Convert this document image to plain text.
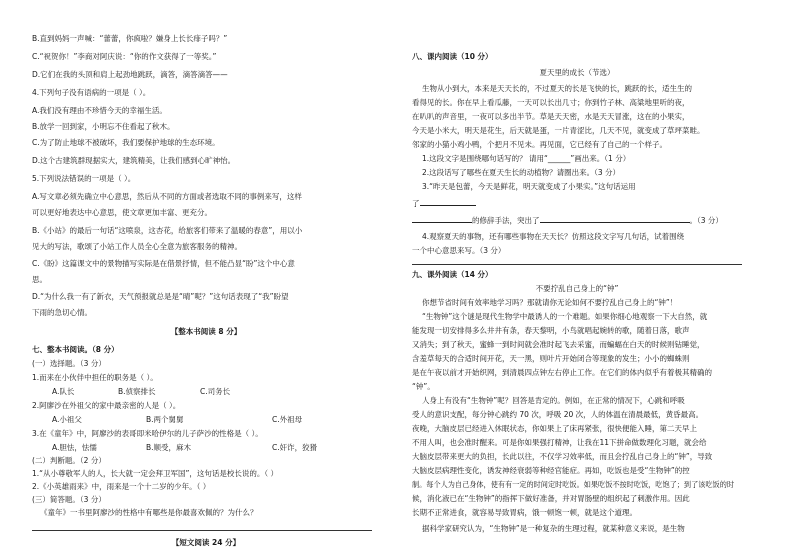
B.直到妈妈一声喊：“蕾蕾，你疯啦？嫌身上长长痱子吗？”
C.“祝贺你！”李商对阿庆说：“你的作文获得了一等奖。”
D.它们在我的头顶和肩上起劲地跳跃，滴答，滴答滴答——
4.下列句子没有语病的一项是（ ）。
A.我们没有理由不珍惜今天的幸福生活。
B.放学一回到家，小明忘不住看起了秋木。
C.为了防止地球不被破坏，我们要保护地球的生态环境。
D.这个古建筑群现据实大，建筑精美，让我们感到心旷神怡。
5.下列说法错误的一项是（ ）。
A.写文章必须先确立中心意思，然后从不同的方面或者选取不同的事例来写，这样
可以更好地表达中心意思，使文章更加丰富、更充分。
B.《小站》的最后一句话“这喷泉，这杏花，给旅客们带来了温暖的春意”，用以小
见大的写法，歌颂了小站工作人员全心全意为旅客服务的精神。
C.《盼》这篇课文中的景物描写实际是在借景抒情，但不能凸显“盼”这个中心意
思。
D.“为什么我一有了新衣，天气预报就总是是“晴”呢？”这句话表现了“我”盼望
下雨的急切心情。
【整本书阅读 8 分】
七、整本书阅读。（8 分）
(一）选择题。（3 分）
1.而来在小伙伴中担任的职务是（ ）。
A.队长	B.侦察排长	C.司务长
2.阿廖沙在外祖父的家中最亲密的人是（ ）。
A.小祖父	B.两个舅舅	C.外祖母
3.在《童年》中，阿廖沙的表哥即米哈伊尔的儿子萨沙的性格是（ ）。
A.胆怯，怯懦	B.顺受，麻木	C.奸诈，狡猾
(二）判断题。（2 分）
1.“从小尊敬军人的人，长大就一定会拜卫军国”，这句话是校长说的。（ ）
2.《小英雄雨来》中，雨来是一个十二岁的少年。（ ）
(三）简答题。（3 分）
《童年》一书里阿廖沙的性格中有哪些是你最喜欢佩的？为什么？
【短文阅读 24 分】
八、课内阅读（10 分）
夏天里的成长（节选）
生物从小到大，本来是天天长的，不过夏天的长是飞快的长，跳跃的长，适生生的
看得见的长。你在早上看瓜藤，一天可以长出几寸；你到竹子林、高粱地里听的夜，
在叭叭的声音里，一夜可以多出半节。草是天天密，水是天天冒涨，这在的小果实，
今天是小米大，明天是花生，后天就是蛋，一片青涩比，几天不见，就变成了草坪菜畦。
邻家的小猫小鸡小鸭，个把月不见未。再见面，它已经有了自己的一个样子。
1.这段文字是围绕哪句话写的？ 请用“______”画出来。（1 分）
2.这段话写了哪些在夏天生长的动植物？请圈出来。（3 分）
3.“昨天是包蕾，今天是鲜花，明天就变成了小果实。”这句话运用
了
的修辞手法，突出了	。（3 分）
4.观察夏天的事物，还有哪些事物在天天长？仿照这段文字写几句话，试着围绕
一个中心意思来写。（3 分）
九、课外阅读（14 分）
不要拧乱自己身上的“钟”
你想节省时间有效率地学习吗？那就请你无论如何不要拧乱自己身上的“钟”！
“生物钟”这个谜是现代生物学中最诱人的一个难题。如果你细心地观察一下大自然，就
能发现一切安排得多么井井有条，春天黎明，小鸟就唱起婉转的歌，随着日落，歌声
又消失；到了秋天，蜜蜂一到时间就会准时起飞去采蜜，而蝙蝠在白天的时候则钻睡觉，
含羞草每天的合适时间开花，天一黑，则叶片开始闭合等现象的发生；小小的蜘蛛则
是在午夜以前才开始织网，到清晨四点钟左右停止工作。在它们的体内似乎有着极其精确的
“钟”。
人身上有没有“生物钟”呢？回答是肯定的。例如，在正常的情况下，心跳和呼吸
受人的意识支配，每分钟心跳约 70 次，呼吸 20 次，人的体温在清晨最低，黄昏最高。
夜晚，大脑皮层已经进入休眠状态，你如果上了床再紧张，很快便能入睡，第二天早上
不用人叫，也会准时醒来。可是你如果强打精神，让我在11下拼命做数理化习题，就会给
大脑皮层带来更大的负担，长此以往，不仅学习效率低，而且会拧乱自己身上的“钟”，导致
大脑皮层病理性变化，诱发神经衰弱等种经官能症。再如，吃饭也是受“生物钟”的控
制。每个人为自己身体，使有有一定的时间定时吃饭。如果吃饭不按时吃饭，吃饱了；到了该吃饭的时
候，消化液已在“生物钟”的指挥下做好准备，并对胃肠壁的组织起了刺激作用。因此
长期不正常进食，就容易导致胃病，饿一顿饱一顿，就是这个道理。
据科学家研究认为，“生物钟”是一种复杂的生理过程，就某种意义来说，是生物
